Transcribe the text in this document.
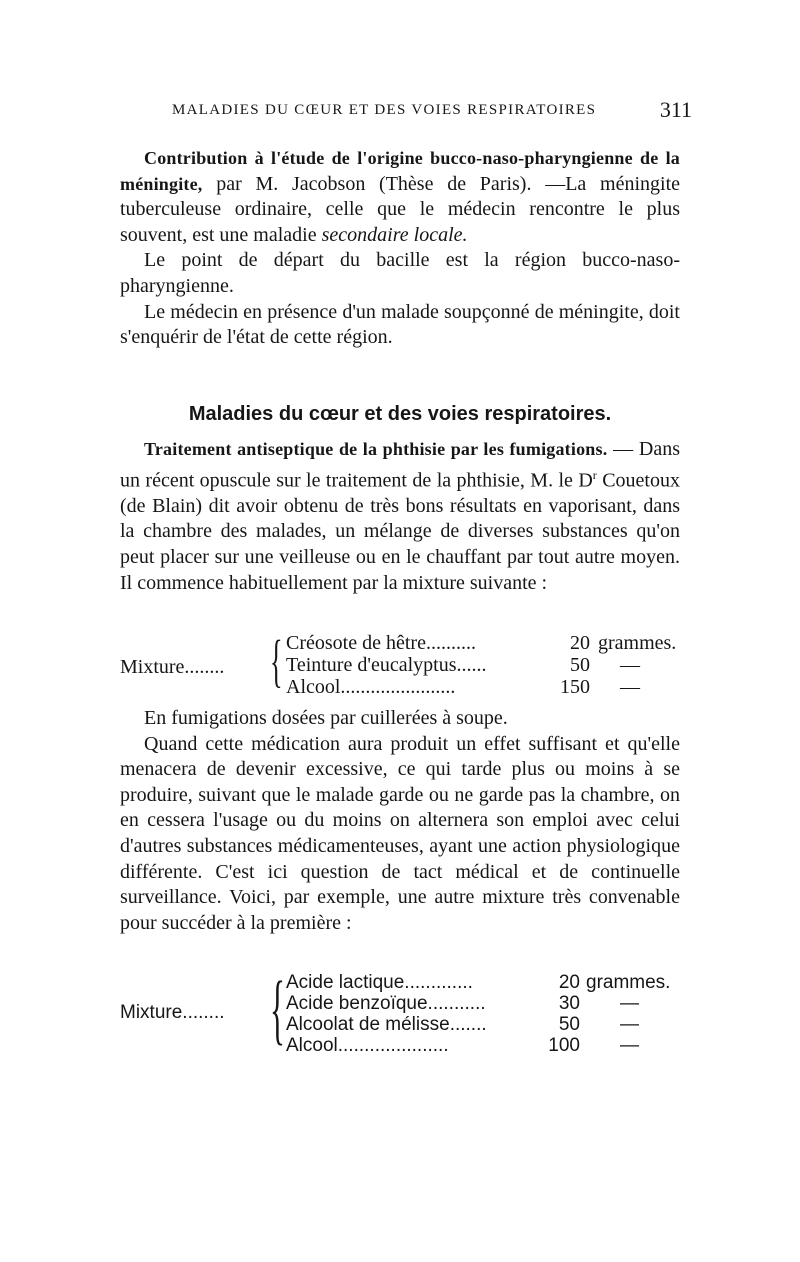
MALADIES DU CŒUR ET DES VOIES RESPIRATOIRES	311
Contribution à l'étude de l'origine bucco-naso-pharyngienne de la méningite, par M. Jacobson (Thèse de Paris). —La méningite tuberculeuse ordinaire, celle que le médecin rencontre le plus souvent, est une maladie secondaire locale.
Le point de départ du bacille est la région bucco-naso-pharyngienne.
Le médecin en présence d'un malade soupçonné de méningite, doit s'enquérir de l'état de cette région.
Maladies du cœur et des voies respiratoires.
Traitement antiseptique de la phthisie par les fumigations. — Dans un récent opuscule sur le traitement de la phthisie, M. le $D^r$ Couetoux (de Blain) dit avoir obtenu de très bons résultats en vaporisant, dans la chambre des malades, un mélange de diverses substances qu'on peut placer sur une veilleuse ou en le chauffant par tout autre moyen. Il commence habituellement par la mixture suivante :
Mixture........ { Créosote de hêtre..........	20 grammes.
Teinture d'eucalyptus......	50 —
Alcool.......................	150 —
En fumigations dosées par cuillerées à soupe.
Quand cette médication aura produit un effet suffisant et qu'elle menacera de devenir excessive, ce qui tarde plus ou moins à se produire, suivant que le malade garde ou ne garde pas la chambre, on en cessera l'usage ou du moins on alternera son emploi avec celui d'autres substances médicamenteuses, ayant une action physiologique différente. C'est ici question de tact médical et de continuelle surveillance. Voici, par exemple, une autre mixture très convenable pour succéder à la première :
Mixture........ { Acide lactique.............	20 grammes.
Acide benzoïque...........	30 —
Alcoolat de mélisse.......	50 —
Alcool.....................	100 —
